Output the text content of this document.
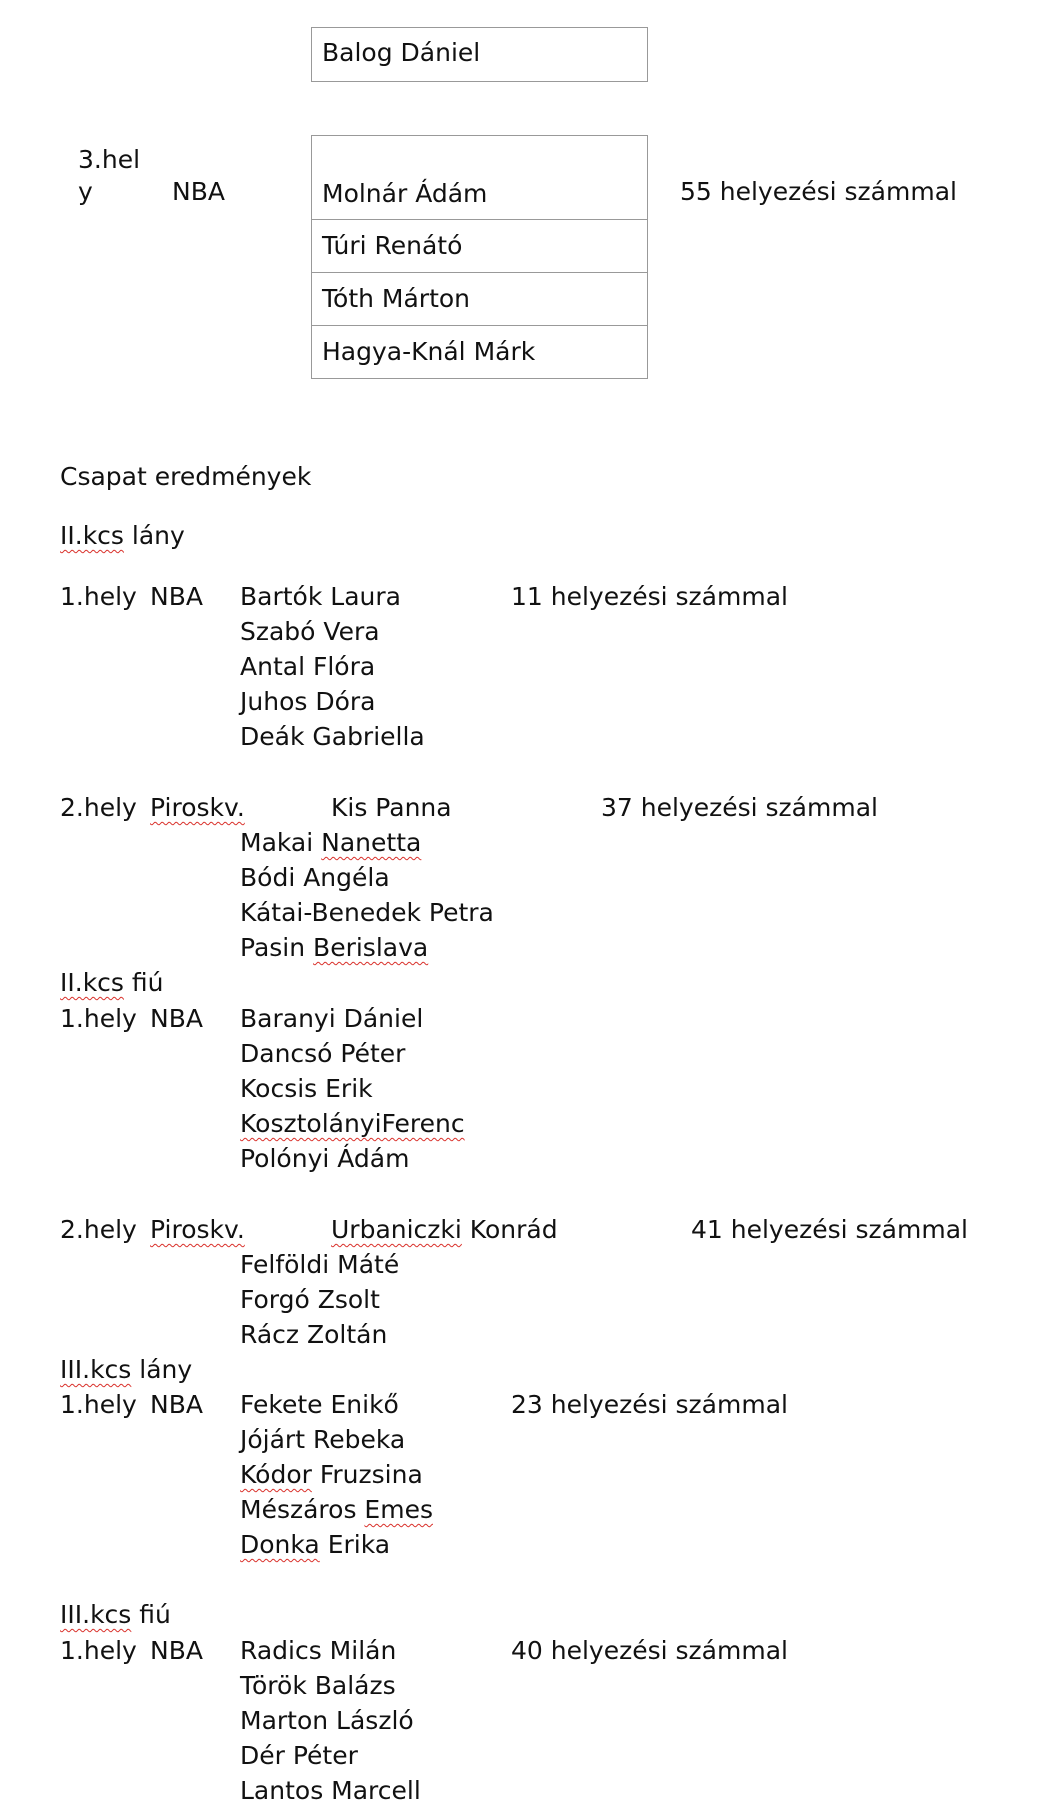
Balog Dániel
3.hel
y	NBA	55 helyezési számmal
Molnár Ádám
Túri Renátó
Tóth Márton
Hagya-Knál Márk
Csapat eredmények
II.kcs lány
1.hely NBA Bartók Laura	11 helyezési számmal
Szabó Vera
Antal Flóra
Juhos Dóra
Deák Gabriella
2.hely Piroskv.	Kis Panna	37 helyezési számmal
Makai Nanetta
Bódi Angéla
Kátai-Benedek Petra
Pasin Berislava
II.kcs fiú
1.hely NBA Baranyi Dániel
Dancsó Péter
Kocsis Erik
KosztolányiFerenc
Polónyi Ádám
2.hely Piroskv.	Urbaniczki Konrád	41 helyezési számmal
Felföldi Máté
Forgó Zsolt
Rácz Zoltán
III.kcs lány
1.hely NBA Fekete Enikő	23 helyezési számmal
Jójárt Rebeka
Kódor Fruzsina
Mészáros Emes
Donka Erika
III.kcs fiú
1.hely NBA Radics Milán	40 helyezési számmal
Török Balázs
Marton László
Dér Péter
Lantos Marcell
